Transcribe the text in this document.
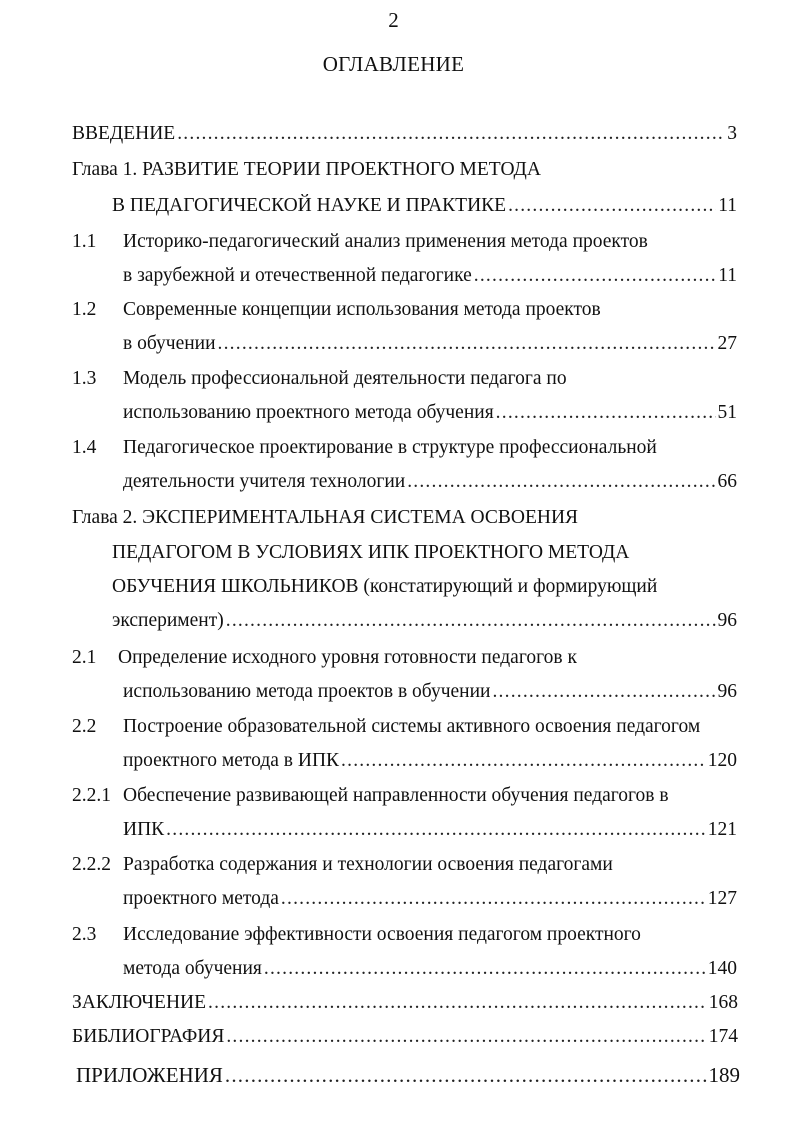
2
ОГЛАВЛЕНИЕ
ВВЕДЕНИЕ .....	3
Глава 1. РАЗВИТИЕ ТЕОРИИ ПРОЕКТНОГО МЕТОДА
В ПЕДАГОГИЧЕСКОЙ НАУКЕ И ПРАКТИКЕ .....	11
1.1 Историко-педагогический анализ применения метода проектов
в зарубежной и отечественной педагогике .....	11
1.2 Современные концепции использования метода проектов
в обучении .....	27
1.3 Модель профессиональной деятельности педагога по
использованию проектного метода обучения .....	51
1.4 Педагогическое проектирование в структуре профессиональной
деятельности учителя технологии .....	66
Глава 2. ЭКСПЕРИМЕНТАЛЬНАЯ СИСТЕМА ОСВОЕНИЯ
ПЕДАГОГОМ В УСЛОВИЯХ ИПК ПРОЕКТНОГО МЕТОДА
ОБУЧЕНИЯ ШКОЛЬНИКОВ (констатирующий и формирующий
эксперимент) .....	96
2.1 Определение исходного уровня готовности педагогов к
использованию метода проектов в обучении .....	96
2.2 Построение образовательной системы активного освоения педагогом
проектного метода в ИПК .....	120
2.2.1 Обеспечение развивающей направленности обучения педагогов в
ИПК .....	121
2.2.2 Разработка содержания и технологии освоения педагогами
проектного метода .....	127
2.3 Исследование эффективности освоения педагогом проектного
метода обучения .....	140
ЗАКЛЮЧЕНИЕ .....	168
БИБЛИОГРАФИЯ .....	174
ПРИЛОЖЕНИЯ .....	189
